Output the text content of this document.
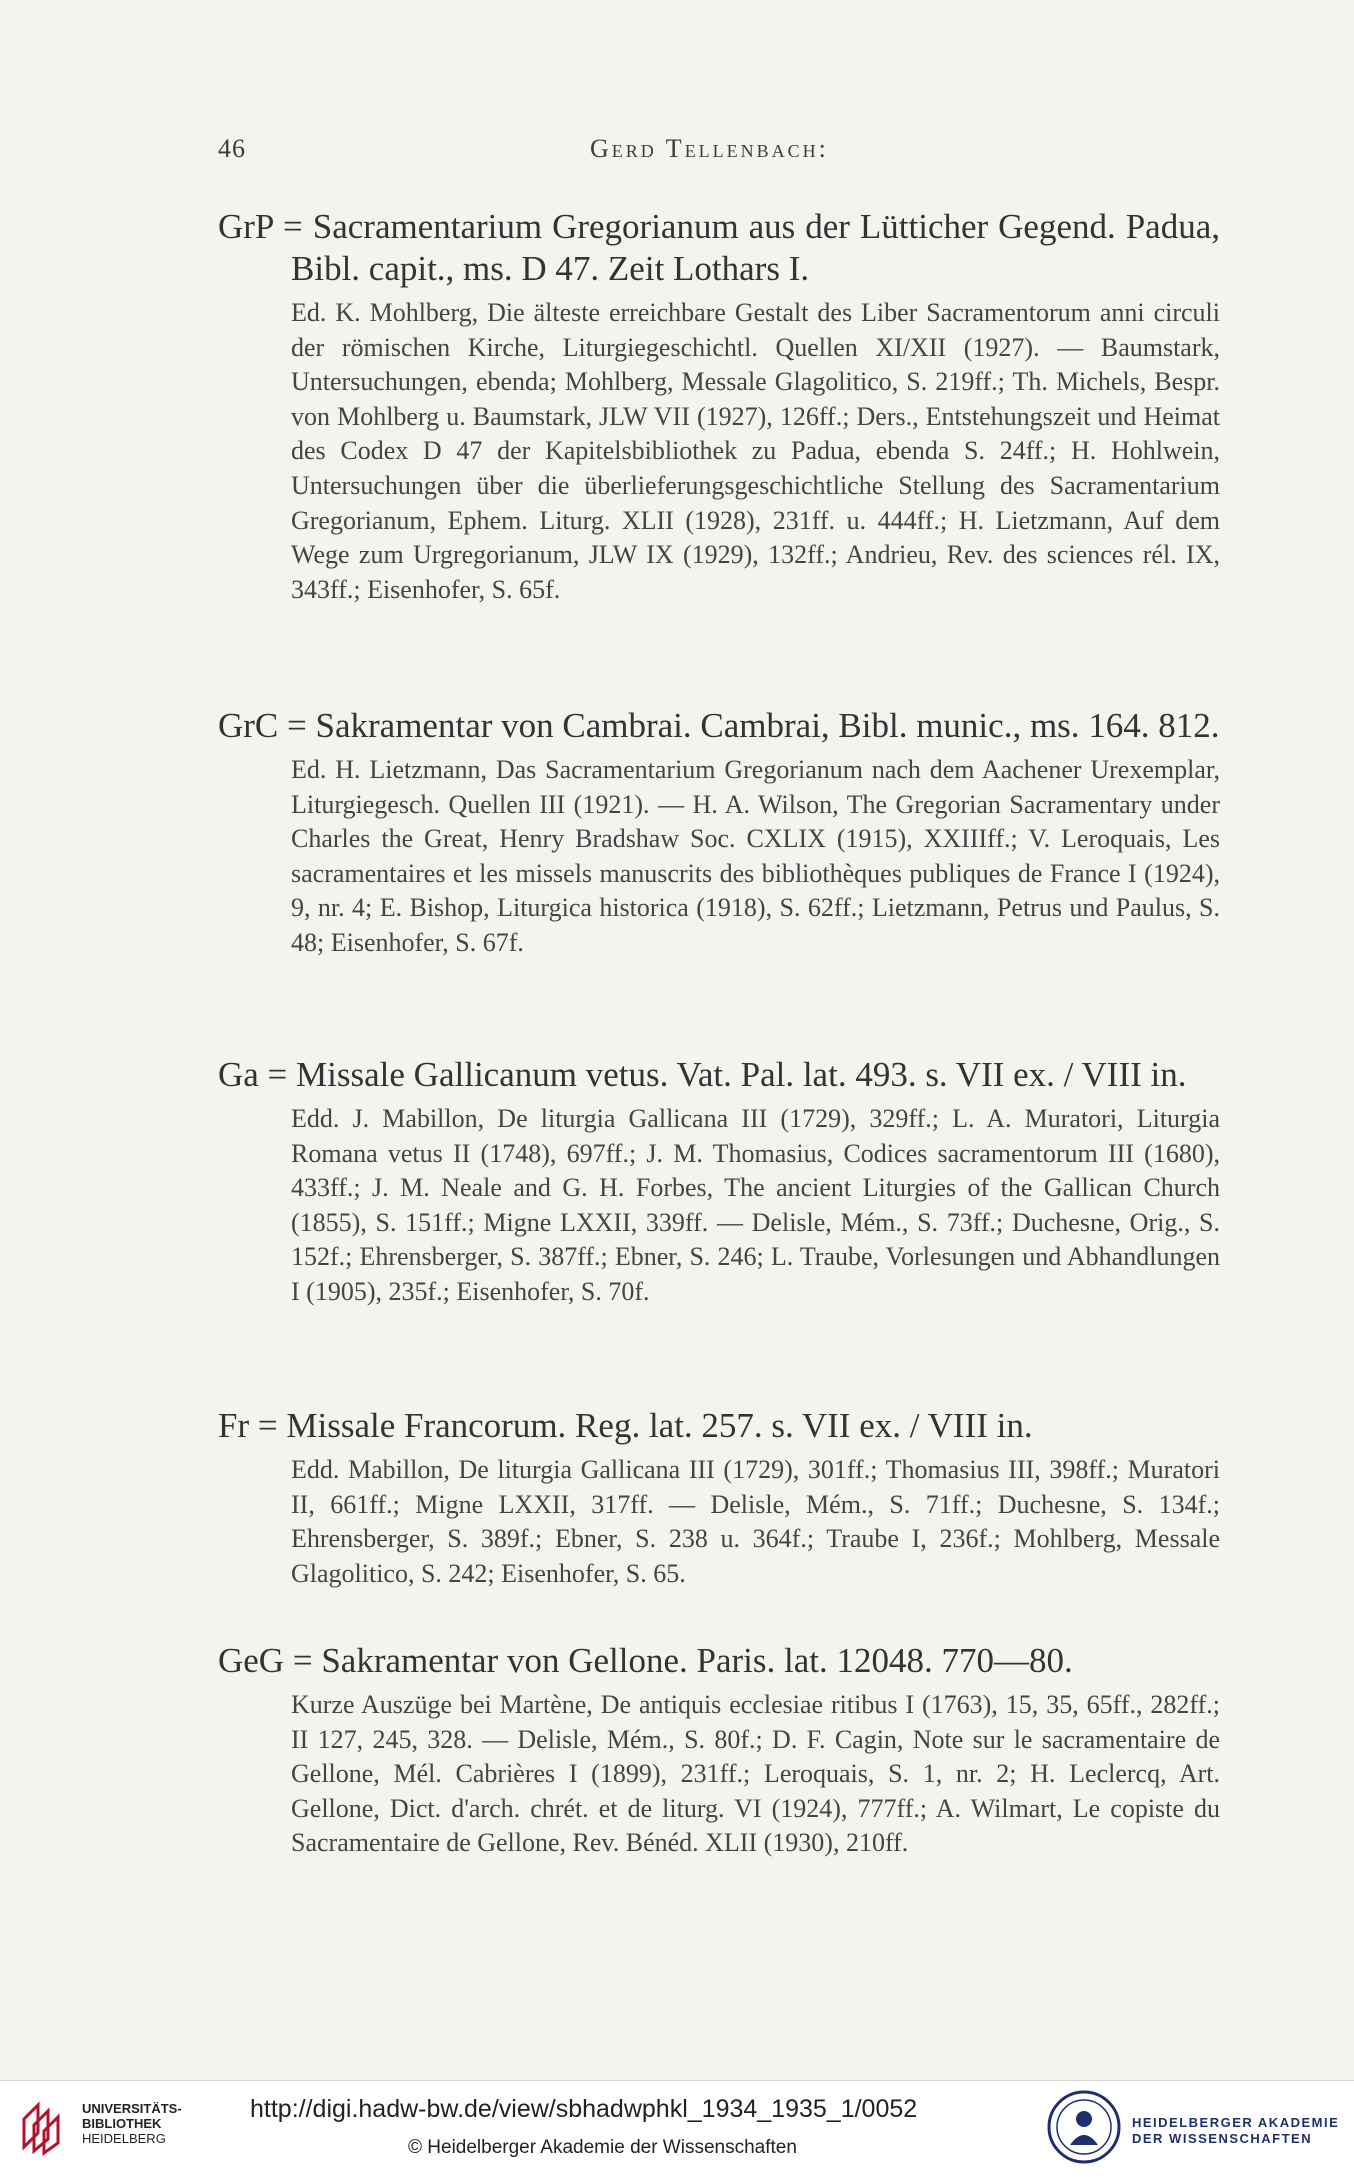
46	Gerd Tellenbach:
GrP = Sacramentarium Gregorianum aus der Lütticher Gegend. Padua, Bibl. capit., ms. D 47. Zeit Lothars I.

Ed. K. Mohlberg, Die älteste erreichbare Gestalt des Liber Sacramentorum anni circuli der römischen Kirche, Liturgiegeschichtl. Quellen XI/XII (1927). — Baumstark, Untersuchungen, ebenda; Mohlberg, Messale Glagolitico, S. 219ff.; Th. Michels, Bespr. von Mohlberg u. Baumstark, JLW VII (1927), 126ff.; Ders., Entstehungszeit und Heimat des Codex D 47 der Kapitelsbibliothek zu Padua, ebenda S. 24ff.; H. Hohlwein, Untersuchungen über die überlieferungsgeschichtliche Stellung des Sacramentarium Gregorianum, Ephem. Liturg. XLII (1928), 231ff. u. 444ff.; H. Lietzmann, Auf dem Wege zum Urgregorianum, JLW IX (1929), 132ff.; Andrieu, Rev. des sciences rél. IX, 343ff.; Eisenhofer, S. 65f.

GrC = Sakramentar von Cambrai. Cambrai, Bibl. munic., ms. 164. 812.

Ed. H. Lietzmann, Das Sacramentarium Gregorianum nach dem Aachener Urexemplar, Liturgiegesch. Quellen III (1921). — H. A. Wilson, The Gregorian Sacramentary under Charles the Great, Henry Bradshaw Soc. CXLIX (1915), XXIIIff.; V. Leroquais, Les sacramentaires et les missels manuscrits des bibliothèques publiques de France I (1924), 9, nr. 4; E. Bishop, Liturgica historica (1918), S. 62ff.; Lietzmann, Petrus und Paulus, S. 48; Eisenhofer, S. 67f.

Ga = Missale Gallicanum vetus. Vat. Pal. lat. 493. s. VII ex. / VIII in.

Edd. J. Mabillon, De liturgia Gallicana III (1729), 329ff.; L. A. Muratori, Liturgia Romana vetus II (1748), 697ff.; J. M. Thomasius, Codices sacramentorum III (1680), 433ff.; J. M. Neale and G. H. Forbes, The ancient Liturgies of the Gallican Church (1855), S. 151ff.; Migne LXXII, 339ff. — Delisle, Mém., S. 73ff.; Duchesne, Orig., S. 152f.; Ehrensberger, S. 387ff.; Ebner, S. 246; L. Traube, Vorlesungen und Abhandlungen I (1905), 235f.; Eisenhofer, S. 70f.

Fr = Missale Francorum. Reg. lat. 257. s. VII ex. / VIII in.

Edd. Mabillon, De liturgia Gallicana III (1729), 301ff.; Thomasius III, 398ff.; Muratori II, 661ff.; Migne LXXII, 317ff. — Delisle, Mém., S. 71ff.; Duchesne, S. 134f.; Ehrensberger, S. 389f.; Ebner, S. 238 u. 364f.; Traube I, 236f.; Mohlberg, Messale Glagolitico, S. 242; Eisenhofer, S. 65.

GeG = Sakramentar von Gellone. Paris. lat. 12048. 770—80.

Kurze Auszüge bei Martène, De antiquis ecclesiae ritibus I (1763), 15, 35, 65ff., 282ff.; II 127, 245, 328. — Delisle, Mém., S. 80f.; D. F. Cagin, Note sur le sacramentaire de Gellone, Mél. Cabrières I (1899), 231ff.; Leroquais, S. 1, nr. 2; H. Leclercq, Art. Gellone, Dict. d'arch. chrét. et de liturg. VI (1924), 777ff.; A. Wilmart, Le copiste du Sacramentaire de Gellone, Rev. Bénéd. XLII (1930), 210ff.

UNIVERSITÄTS-
BIBLIOTHEK
HEIDELBERG
http://digi.hadw-bw.de/view/sbhadwphkl_1934_1935_1/0052
© Heidelberger Akademie der Wissenschaften
HEIDELBERGER AKADEMIE
DER WISSENSCHAFTEN
